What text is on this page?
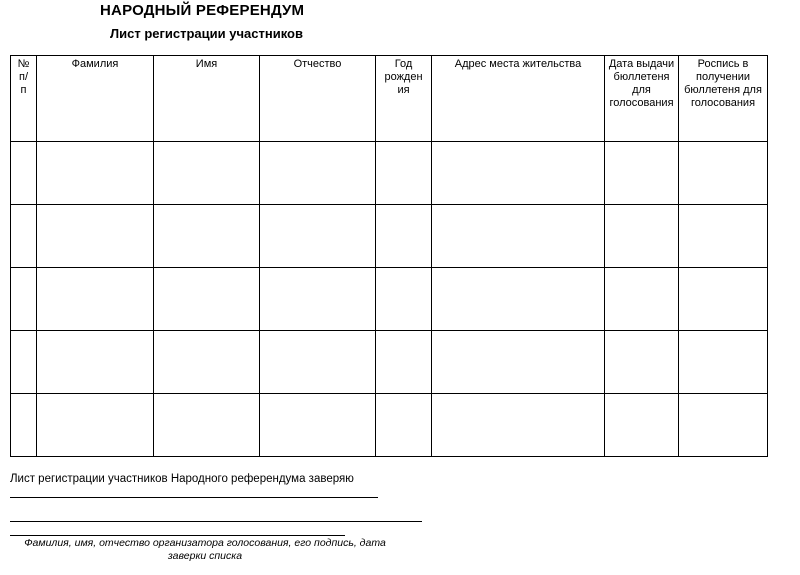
НАРОДНЫЙ РЕФЕРЕНДУМ
Лист регистрации участников
№ п/ п	Фамилия	Имя	Отчество	Год рожден ия	Адрес места жительства	Дата выдачи бюллетеня для голосования	Роспись в получении бюллетеня для голосования

Лист регистрации участников Народного референдума заверяю
Фамилия, имя, отчество организатора голосования, его подпись, дата заверки списка
